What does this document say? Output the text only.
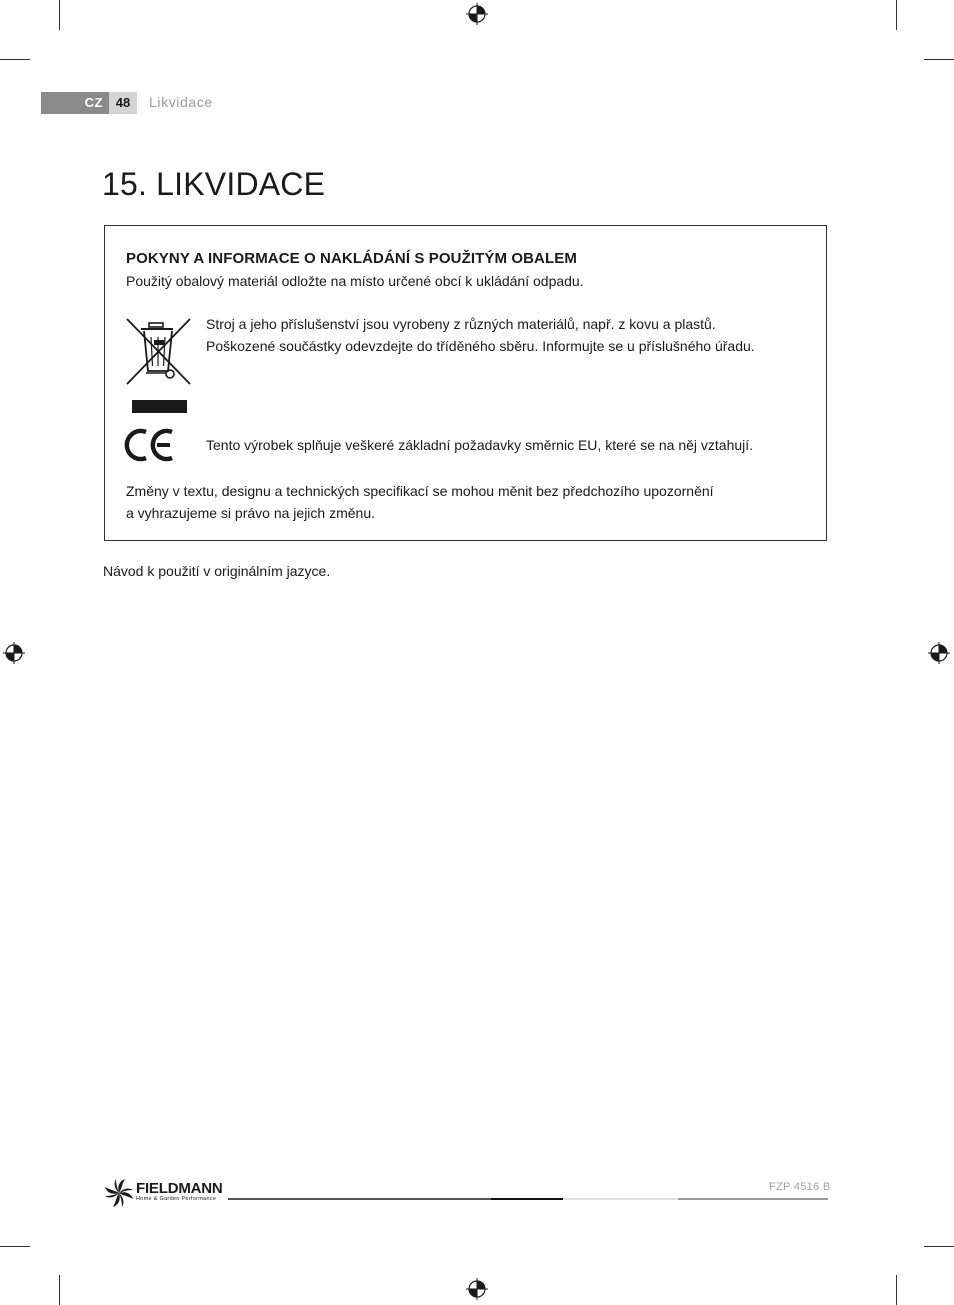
CZ 48	Likvidace
15. LIKVIDACE
POKYNY A INFORMACE O NAKLÁDÁNÍ S POUŽITÝM OBALEM
Použitý obalový materiál odložte na místo určené obcí k ukládání odpadu.
Stroj a jeho příslušenství jsou vyrobeny z různých materiálů, např. z kovu a plastů.
Poškozené součástky odevzdejte do tříděného sběru. Informujte se u příslušného úřadu.
Tento výrobek splňuje veškeré základní požadavky směrnic EU, které se na něj vztahují.
Změny v textu, designu a technických specifikací se mohou měnit bez předchozího upozornění
a vyhrazujeme si právo na jejich změnu.
Návod k použití v originálním jazyce.
FIELDMANN
Home & Garden Performance
FZP 4516 B
